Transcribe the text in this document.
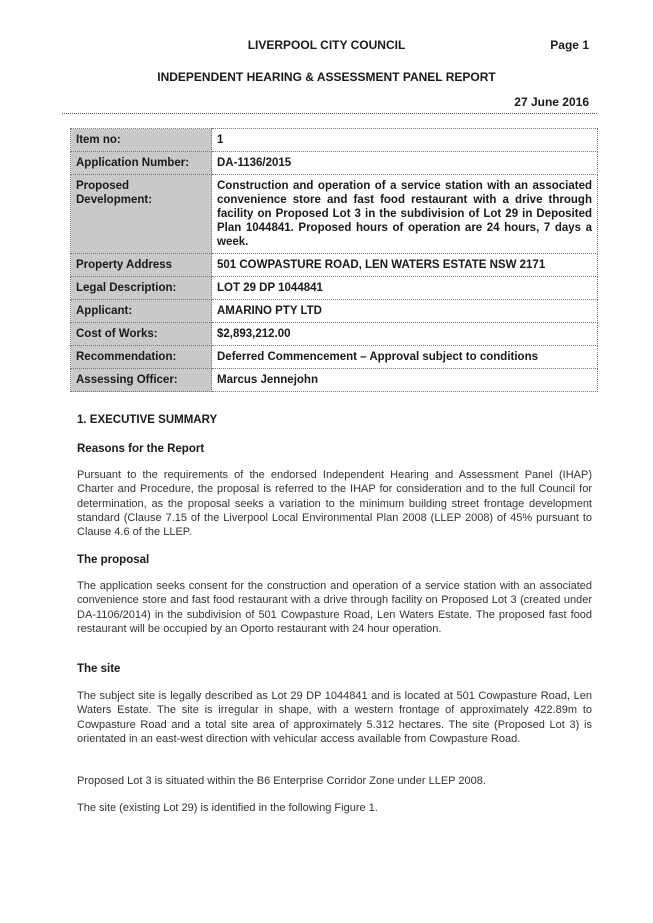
LIVERPOOL CITY COUNCIL	Page 1
INDEPENDENT HEARING & ASSESSMENT PANEL REPORT
27 June 2016
Item no:	1
Application Number:	DA-1136/2015
Proposed Development:	Construction and operation of a service station with an associated convenience store and fast food restaurant with a drive through facility on Proposed Lot 3 in the subdivision of Lot 29 in Deposited Plan 1044841. Proposed hours of operation are 24 hours, 7 days a week.
Property Address	501 COWPASTURE ROAD, LEN WATERS ESTATE NSW 2171
Legal Description:	LOT 29 DP 1044841
Applicant:	AMARINO PTY LTD
Cost of Works:	$2,893,212.00
Recommendation:	Deferred Commencement – Approval subject to conditions
Assessing Officer:	Marcus Jennejohn
1. EXECUTIVE SUMMARY
Reasons for the Report
Pursuant to the requirements of the endorsed Independent Hearing and Assessment Panel (IHAP) Charter and Procedure, the proposal is referred to the IHAP for consideration and to the full Council for determination, as the proposal seeks a variation to the minimum building street frontage development standard (Clause 7.15 of the Liverpool Local Environmental Plan 2008 (LLEP 2008) of 45% pursuant to Clause 4.6 of the LLEP.
The proposal
The application seeks consent for the construction and operation of a service station with an associated convenience store and fast food restaurant with a drive through facility on Proposed Lot 3 (created under DA-1106/2014) in the subdivision of 501 Cowpasture Road, Len Waters Estate. The proposed fast food restaurant will be occupied by an Oporto restaurant with 24 hour operation.
The site
The subject site is legally described as Lot 29 DP 1044841 and is located at 501 Cowpasture Road, Len Waters Estate. The site is irregular in shape, with a western frontage of approximately 422.89m to Cowpasture Road and a total site area of approximately 5.312 hectares. The site (Proposed Lot 3) is orientated in an east-west direction with vehicular access available from Cowpasture Road.
Proposed Lot 3 is situated within the B6 Enterprise Corridor Zone under LLEP 2008.
The site (existing Lot 29) is identified in the following Figure 1.
